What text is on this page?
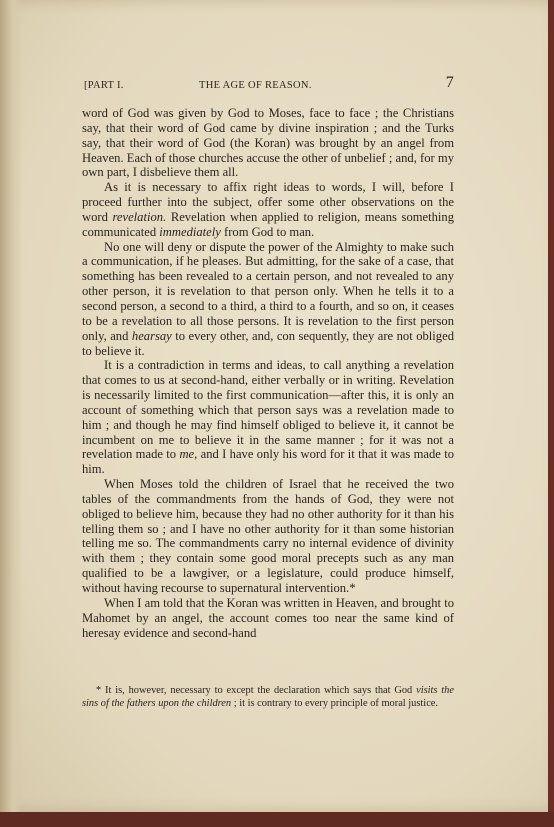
[PART I.	THE AGE OF REASON.	7

word of God was given by God to Moses, face to face ; the Christians say, that their word of God came by divine inspiration ; and the Turks say, that their word of God (the Koran) was brought by an angel from Heaven. Each of those churches accuse the other of unbelief ; and, for my own part, I disbelieve them all.

As it is necessary to affix right ideas to words, I will, before I proceed further into the subject, offer some other observations on the word revelation. Revelation when applied to religion, means something communicated immediately from God to man.

No one will deny or dispute the power of the Almighty to make such a communication, if he pleases. But admitting, for the sake of a case, that something has been revealed to a certain person, and not revealed to any other person, it is revelation to that person only. When he tells it to a second person, a second to a third, a third to a fourth, and so on, it ceases to be a revelation to all those persons. It is revelation to the first person only, and hearsay to every other, and, con sequently, they are not obliged to believe it.

It is a contradiction in terms and ideas, to call anything a revelation that comes to us at second-hand, either verbally or in writing. Revelation is necessarily limited to the first communication—after this, it is only an account of something which that person says was a revelation made to him ; and though he may find himself obliged to believe it, it cannot be incumbent on me to believe it in the same manner ; for it was not a revelation made to me, and I have only his word for it that it was made to him.

When Moses told the children of Israel that he received the two tables of the commandments from the hands of God, they were not obliged to believe him, because they had no other authority for it than his telling them so ; and I have no other authority for it than some historian telling me so. The commandments carry no internal evidence of divinity with them ; they contain some good moral precepts such as any man qualified to be a lawgiver, or a legislature, could produce himself, without having recourse to supernatural intervention.*

When I am told that the Koran was written in Heaven, and brought to Mahomet by an angel, the account comes too near the same kind of heresay evidence and second-hand

* It is, however, necessary to except the declaration which says that God visits the sins of the fathers upon the children ; it is contrary to every principle of moral justice.
